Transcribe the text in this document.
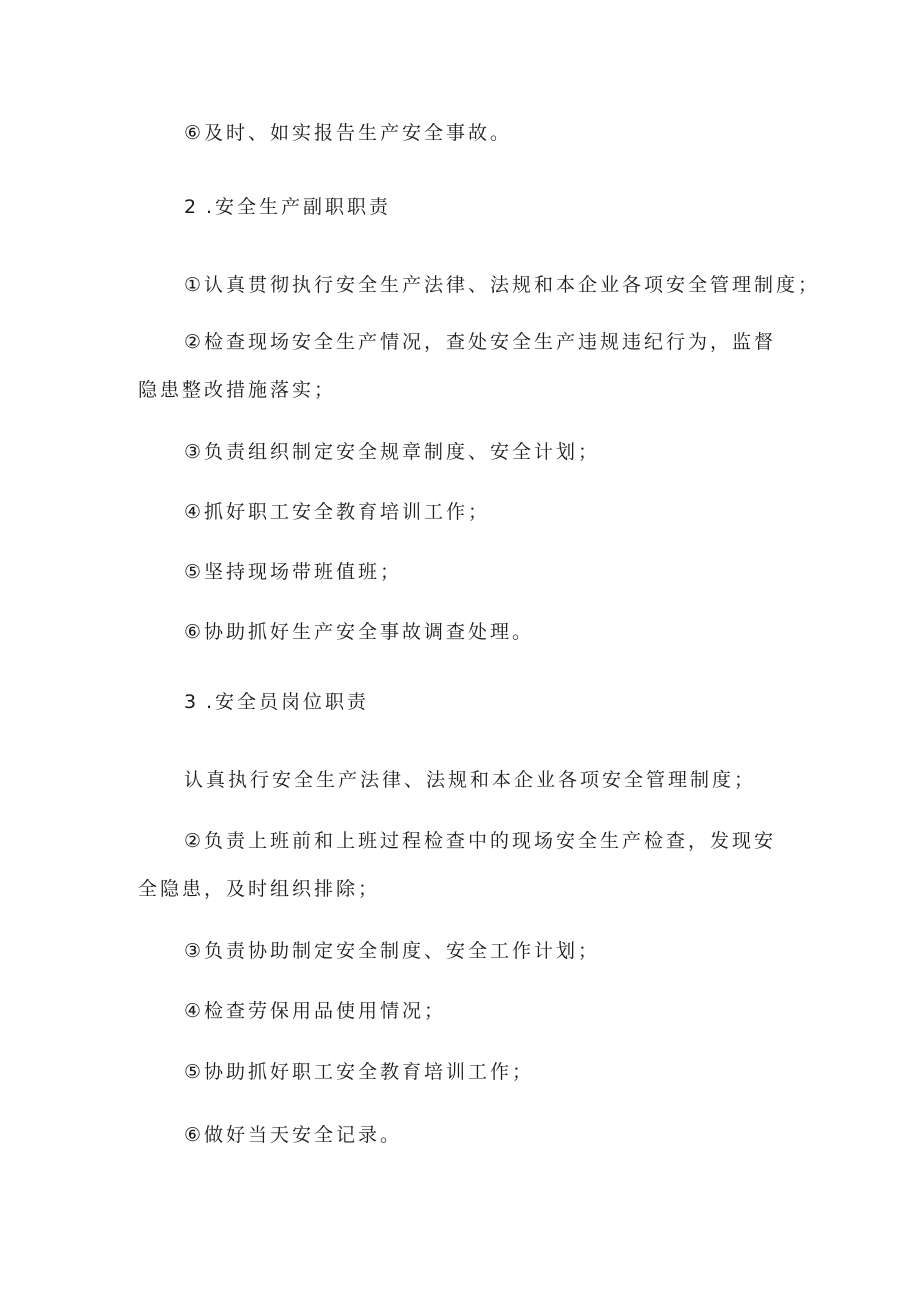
⑥及时、如实报告生产安全事故。
2 .安全生产副职职责
①认真贯彻执行安全生产法律、法规和本企业各项安全管理制度；
②检查现场安全生产情况，查处安全生产违规违纪行为，监督隐患整改措施落实；
③负责组织制定安全规章制度、安全计划；
④抓好职工安全教育培训工作；
⑤坚持现场带班值班；
⑥协助抓好生产安全事故调查处理。
3 .安全员岗位职责
认真执行安全生产法律、法规和本企业各项安全管理制度；
②负责上班前和上班过程检查中的现场安全生产检查，发现安全隐患，及时组织排除；
③负责协助制定安全制度、安全工作计划；
④检查劳保用品使用情况；
⑤协助抓好职工安全教育培训工作；
⑥做好当天安全记录。
